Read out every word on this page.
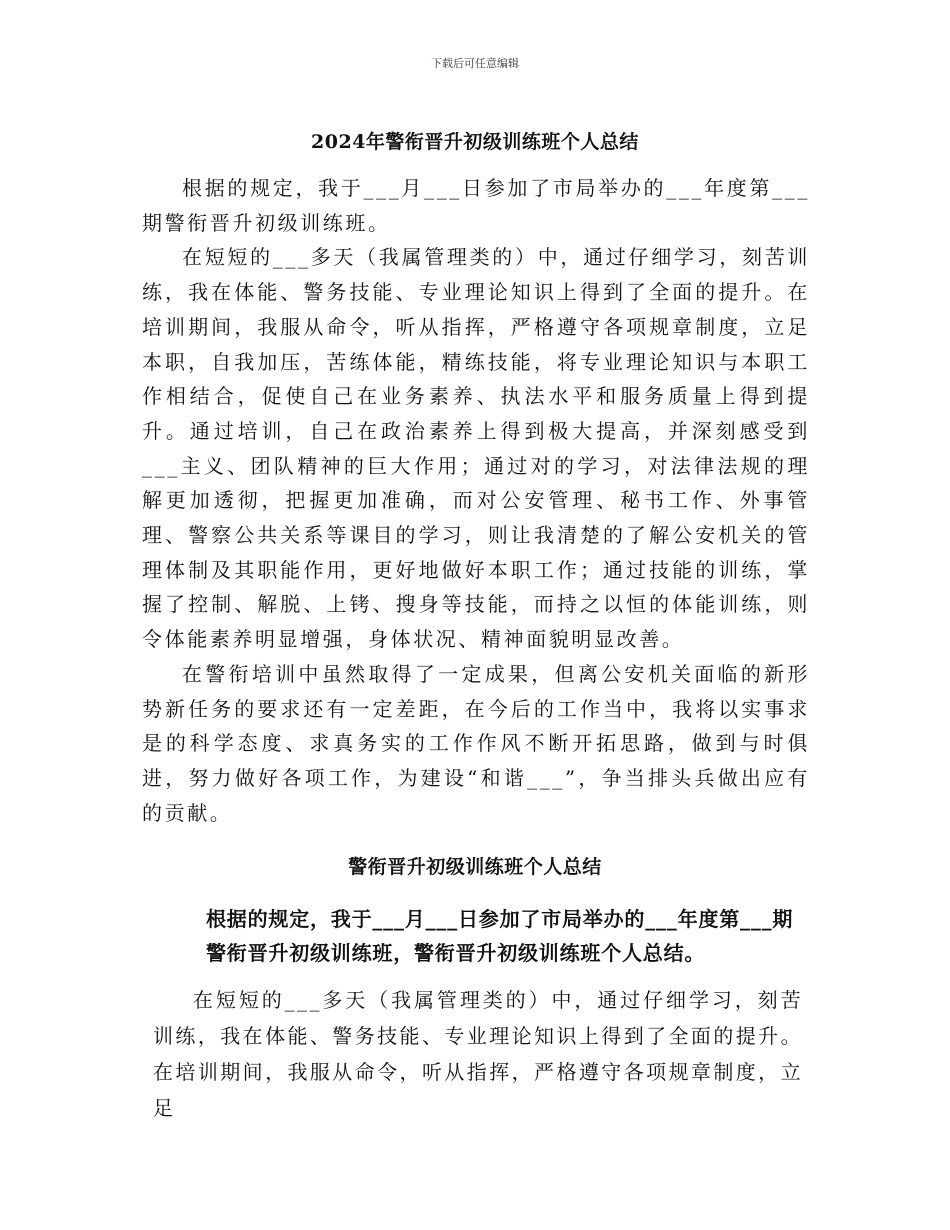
下载后可任意编辑
2024年警衔晋升初级训练班个人总结

根据的规定，我于___月___日参加了市局举办的___年度第___期警衔晋升初级训练班。

在短短的___多天（我属管理类的）中，通过仔细学习，刻苦训练，我在体能、警务技能、专业理论知识上得到了全面的提升。在培训期间，我服从命令，听从指挥，严格遵守各项规章制度，立足本职，自我加压，苦练体能，精练技能，将专业理论知识与本职工作相结合，促使自己在业务素养、执法水平和服务质量上得到提升。通过培训，自己在政治素养上得到极大提高，并深刻感受到___主义、团队精神的巨大作用；通过对的学习，对法律法规的理解更加透彻，把握更加准确，而对公安管理、秘书工作、外事管理、警察公共关系等课目的学习，则让我清楚的了解公安机关的管理体制及其职能作用，更好地做好本职工作；通过技能的训练，掌握了控制、解脱、上铐、搜身等技能，而持之以恒的体能训练，则令体能素养明显增强，身体状况、精神面貌明显改善。

在警衔培训中虽然取得了一定成果，但离公安机关面临的新形势新任务的要求还有一定差距，在今后的工作当中，我将以实事求是的科学态度、求真务实的工作作风不断开拓思路，做到与时俱进，努力做好各项工作，为建设“和谐___”，争当排头兵做出应有的贡献。

警衔晋升初级训练班个人总结

根据的规定，我于___月___日参加了市局举办的___年度第___期警衔晋升初级训练班，警衔晋升初级训练班个人总结。

在短短的___多天（我属管理类的）中，通过仔细学习，刻苦训练，我在体能、警务技能、专业理论知识上得到了全面的提升。在培训期间，我服从命令，听从指挥，严格遵守各项规章制度，立足
